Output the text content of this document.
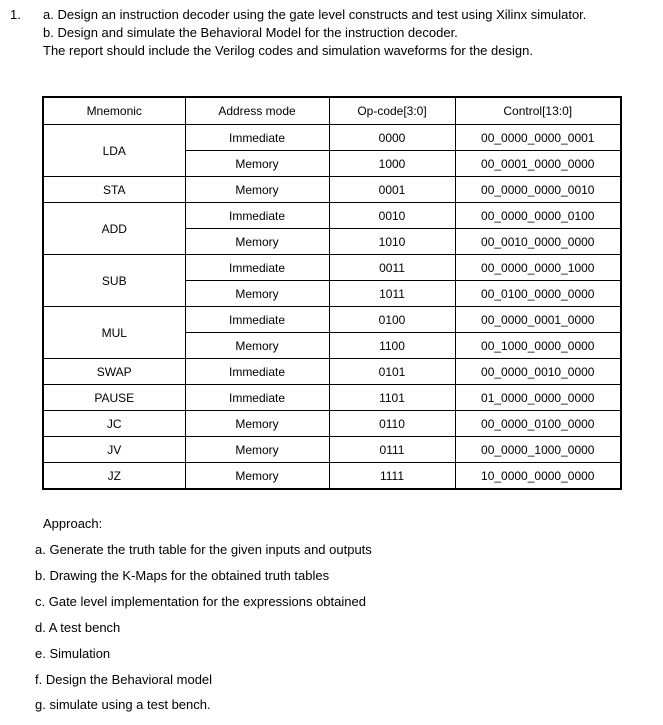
1. a. Design an instruction decoder using the gate level constructs and test using Xilinx simulator.
b. Design and simulate the Behavioral Model for the instruction decoder.
The report should include the Verilog codes and simulation waveforms for the design.
Mnemonic	Address mode	Op-code[3:0]	Control[13:0]
LDA	Immediate	0000	00_0000_0000_0001
	Memory	1000	00_0001_0000_0000
STA	Memory	0001	00_0000_0000_0010
ADD	Immediate	0010	00_0000_0000_0100
	Memory	1010	00_0010_0000_0000
SUB	Immediate	0011	00_0000_0000_1000
	Memory	1011	00_0100_0000_0000
MUL	Immediate	0100	00_0000_0001_0000
	Memory	1100	00_1000_0000_0000
SWAP	Immediate	0101	00_0000_0010_0000
PAUSE	Immediate	1101	01_0000_0000_0000
JC	Memory	0110	00_0000_0100_0000
JV	Memory	0111	00_0000_1000_0000
JZ	Memory	1111	10_0000_0000_0000
Approach:
a. Generate the truth table for the given inputs and outputs
b. Drawing the K-Maps for the obtained truth tables
c. Gate level implementation for the expressions obtained
d. A test bench
e. Simulation
f. Design the Behavioral model
g. simulate using a test bench.
